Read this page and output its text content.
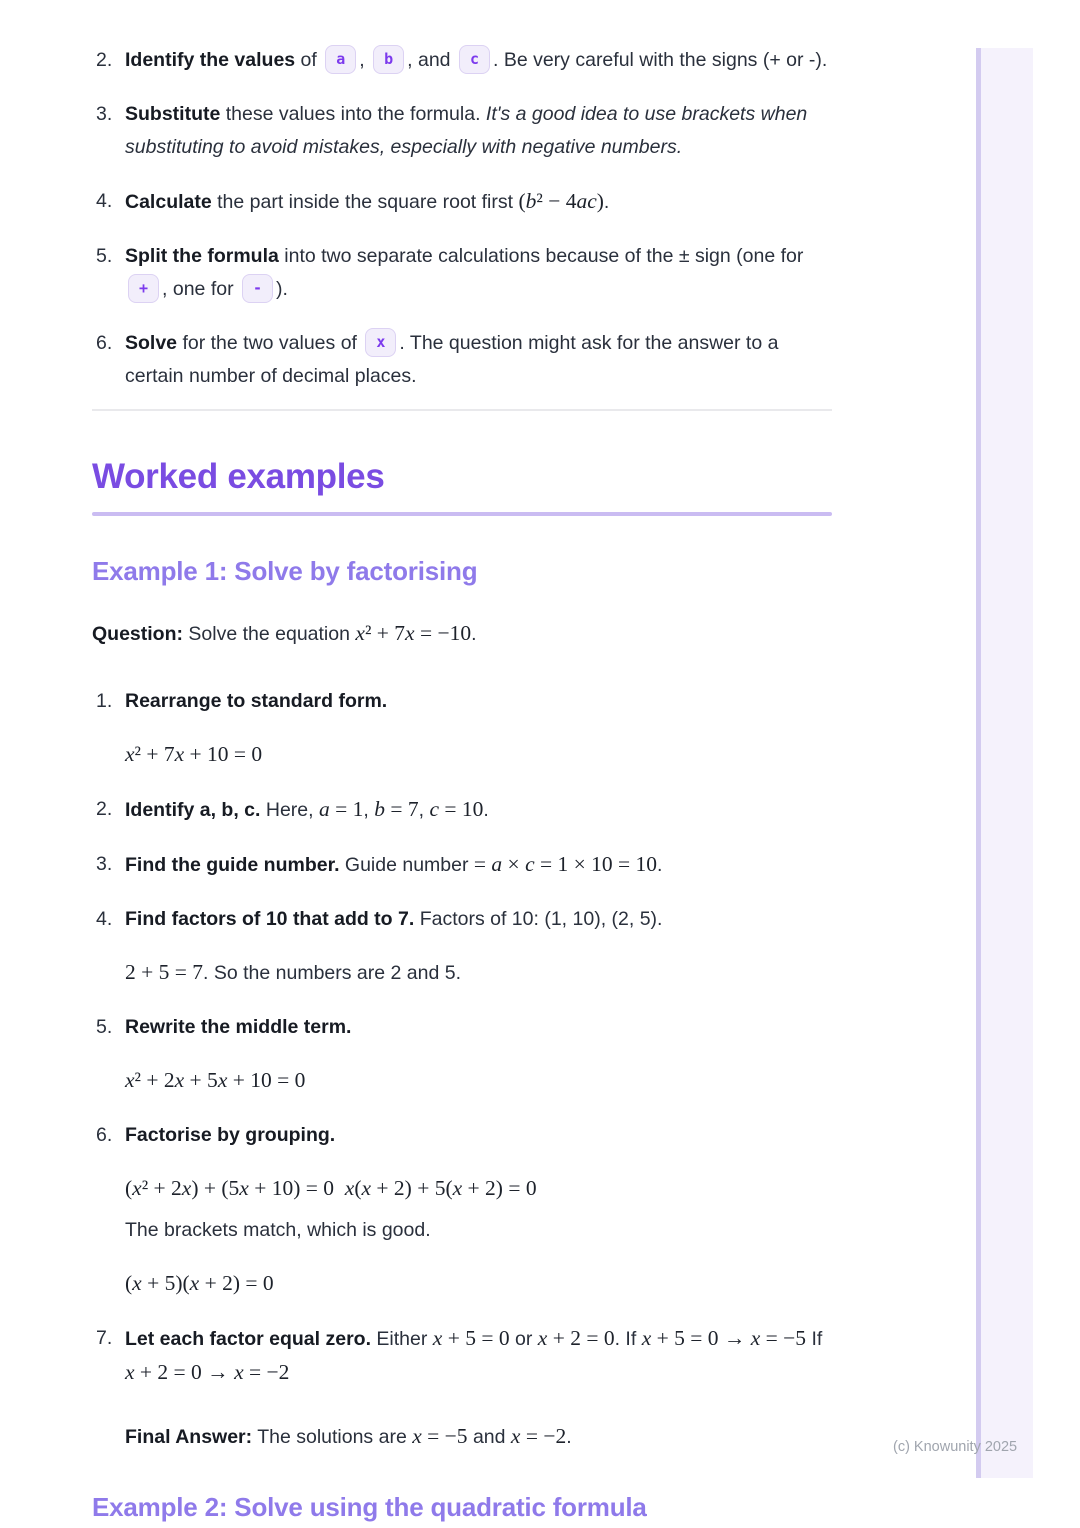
Identify the values of a , b , and c . Be very careful with the signs (+ or -).
Substitute these values into the formula. It's a good idea to use brackets when substituting to avoid mistakes, especially with negative numbers.
Calculate the part inside the square root first (b² − 4ac).
Split the formula into two separate calculations because of the ± sign (one for + , one for - ).
Solve for the two values of x . The question might ask for the answer to a certain number of decimal places.
Worked examples
Example 1: Solve by factorising

Question: Solve the equation x² + 7x = −10.

Rearrange to standard form.
x² + 7x + 10 = 0
Identify a, b, c. Here, a = 1, b = 7, c = 10.
Find the guide number. Guide number = a × c = 1 × 10 = 10.
Find factors of 10 that add to 7. Factors of 10: (1, 10), (2, 5).
2 + 5 = 7. So the numbers are 2 and 5.
Rewrite the middle term.
x² + 2x + 5x + 10 = 0
Factorise by grouping.
(x² + 2x) + (5x + 10) = 0  x(x + 2) + 5(x + 2) = 0
The brackets match, which is good.
(x + 5)(x + 2) = 0
Let each factor equal zero. Either x + 5 = 0 or x + 2 = 0. If x + 5 = 0 → x = −5 If x + 2 = 0 → x = −2
Final Answer: The solutions are x = −5 and x = −2.
Example 2: Solve using the quadratic formula
(c) Knowunity 2025
